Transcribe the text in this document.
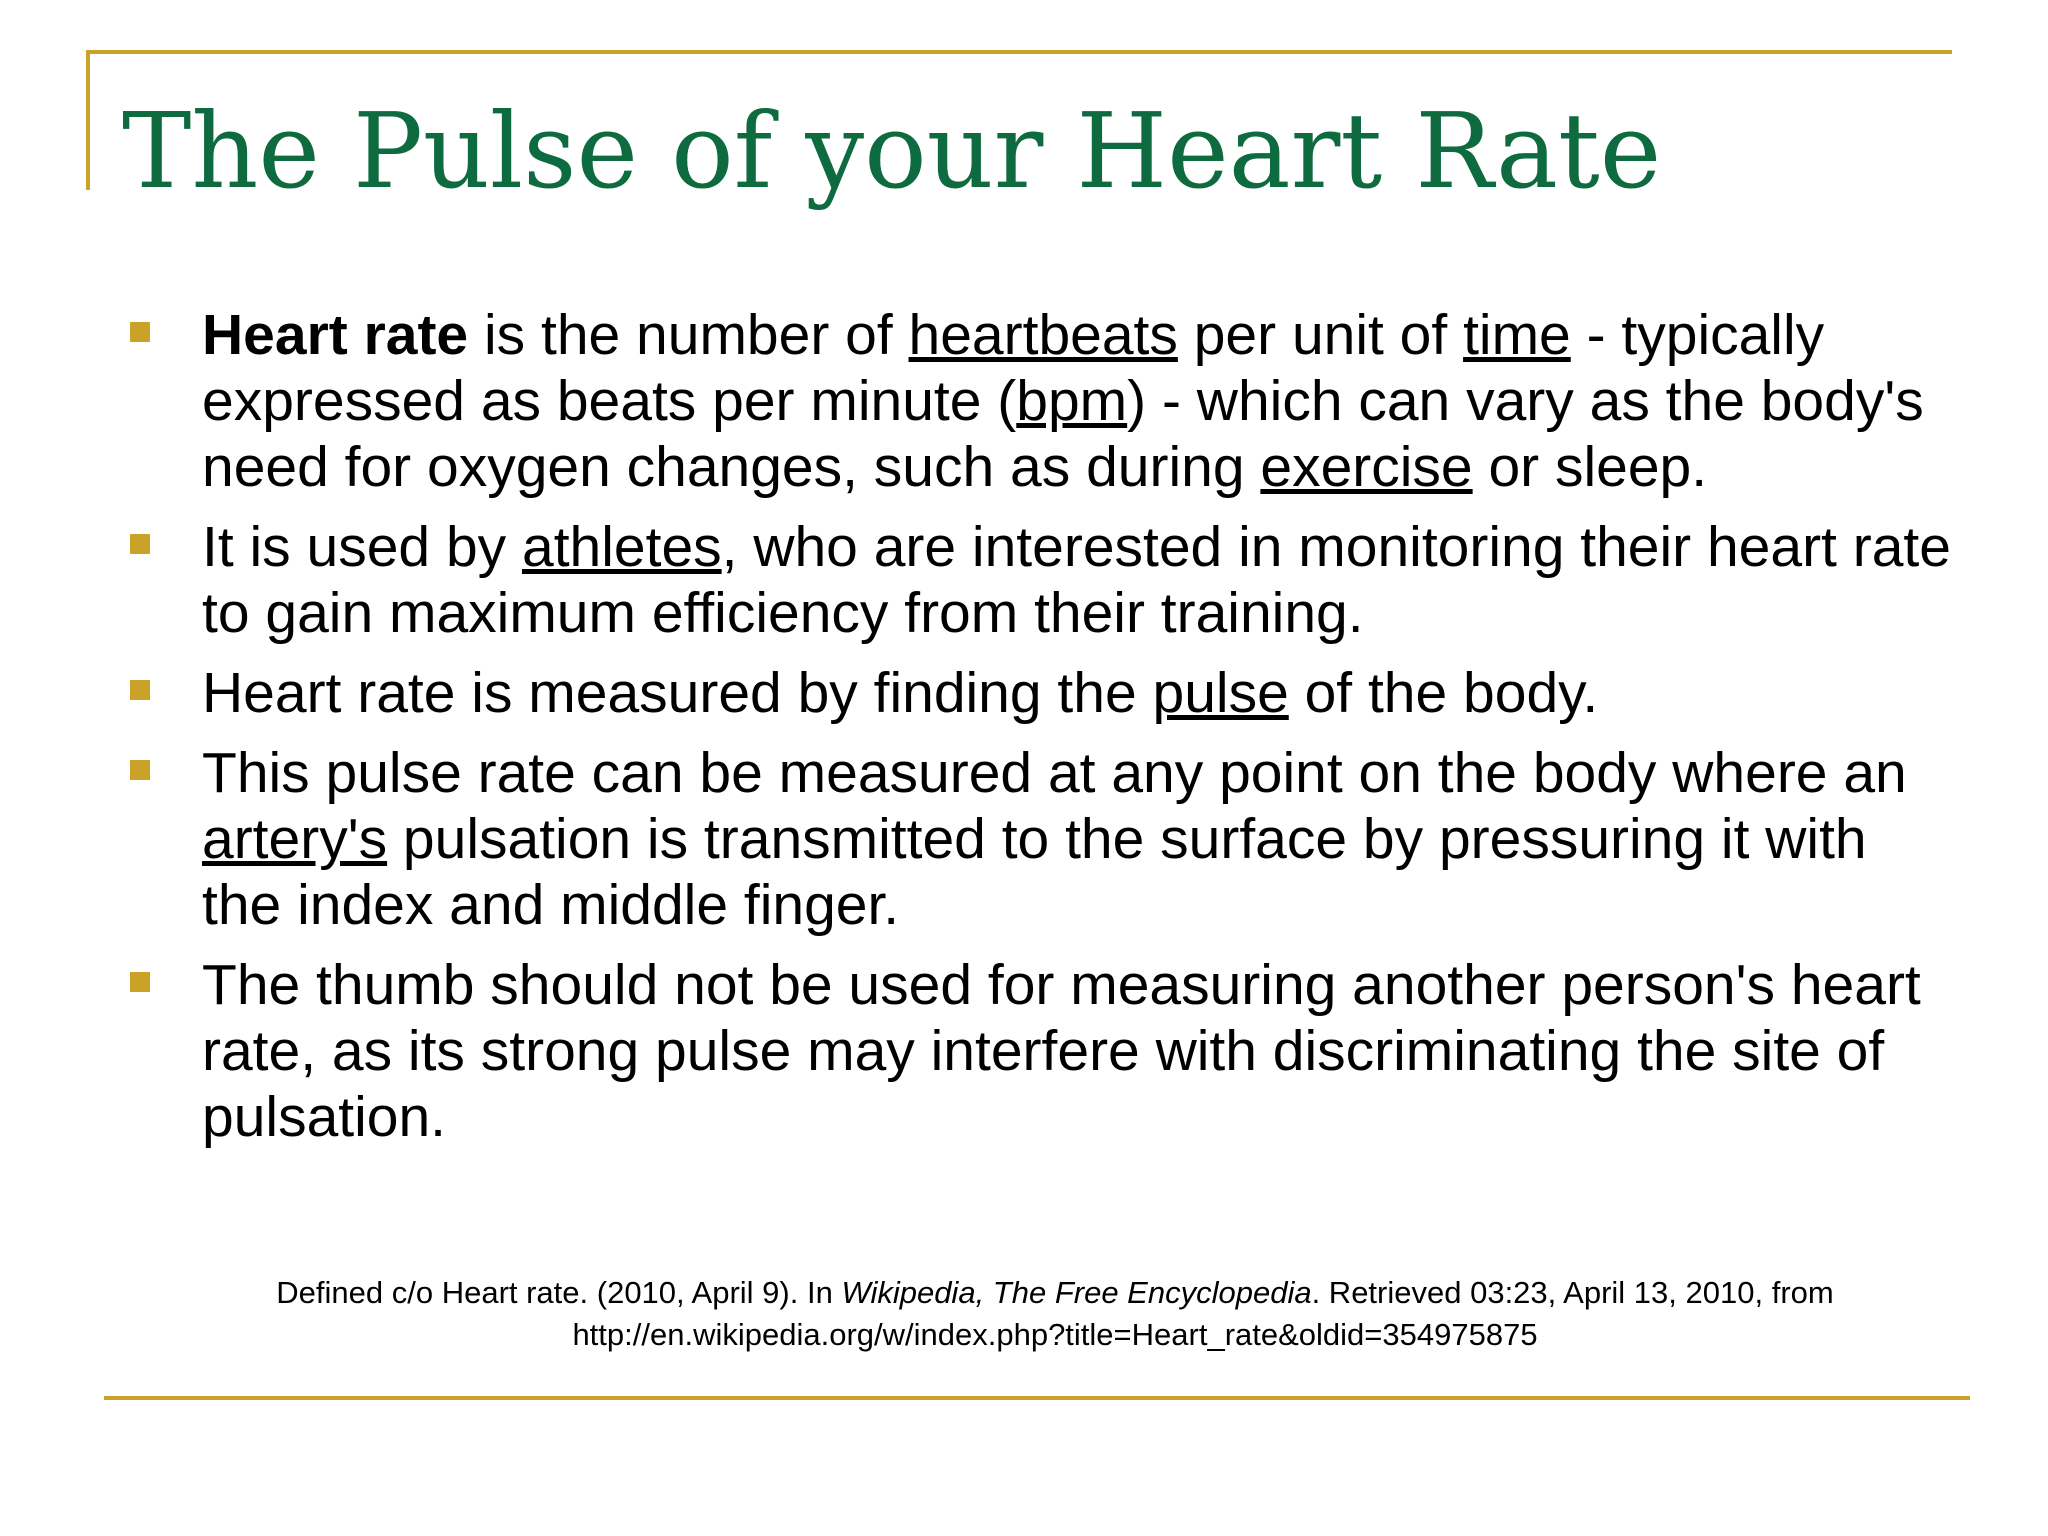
The Pulse of your Heart Rate
Heart rate is the number of heartbeats per unit of time - typically expressed as beats per minute (bpm) - which can vary as the body's need for oxygen changes, such as during exercise or sleep.
It is used by athletes, who are interested in monitoring their heart rate to gain maximum efficiency from their training.
Heart rate is measured by finding the pulse of the body.
This pulse rate can be measured at any point on the body where an artery's pulsation is transmitted to the surface by pressuring it with the index and middle finger.
The thumb should not be used for measuring another person's heart rate, as its strong pulse may interfere with discriminating the site of pulsation.
Defined c/o Heart rate. (2010, April 9). In Wikipedia, The Free Encyclopedia. Retrieved 03:23, April 13, 2010, from http://en.wikipedia.org/w/index.php?title=Heart_rate&oldid=354975875
